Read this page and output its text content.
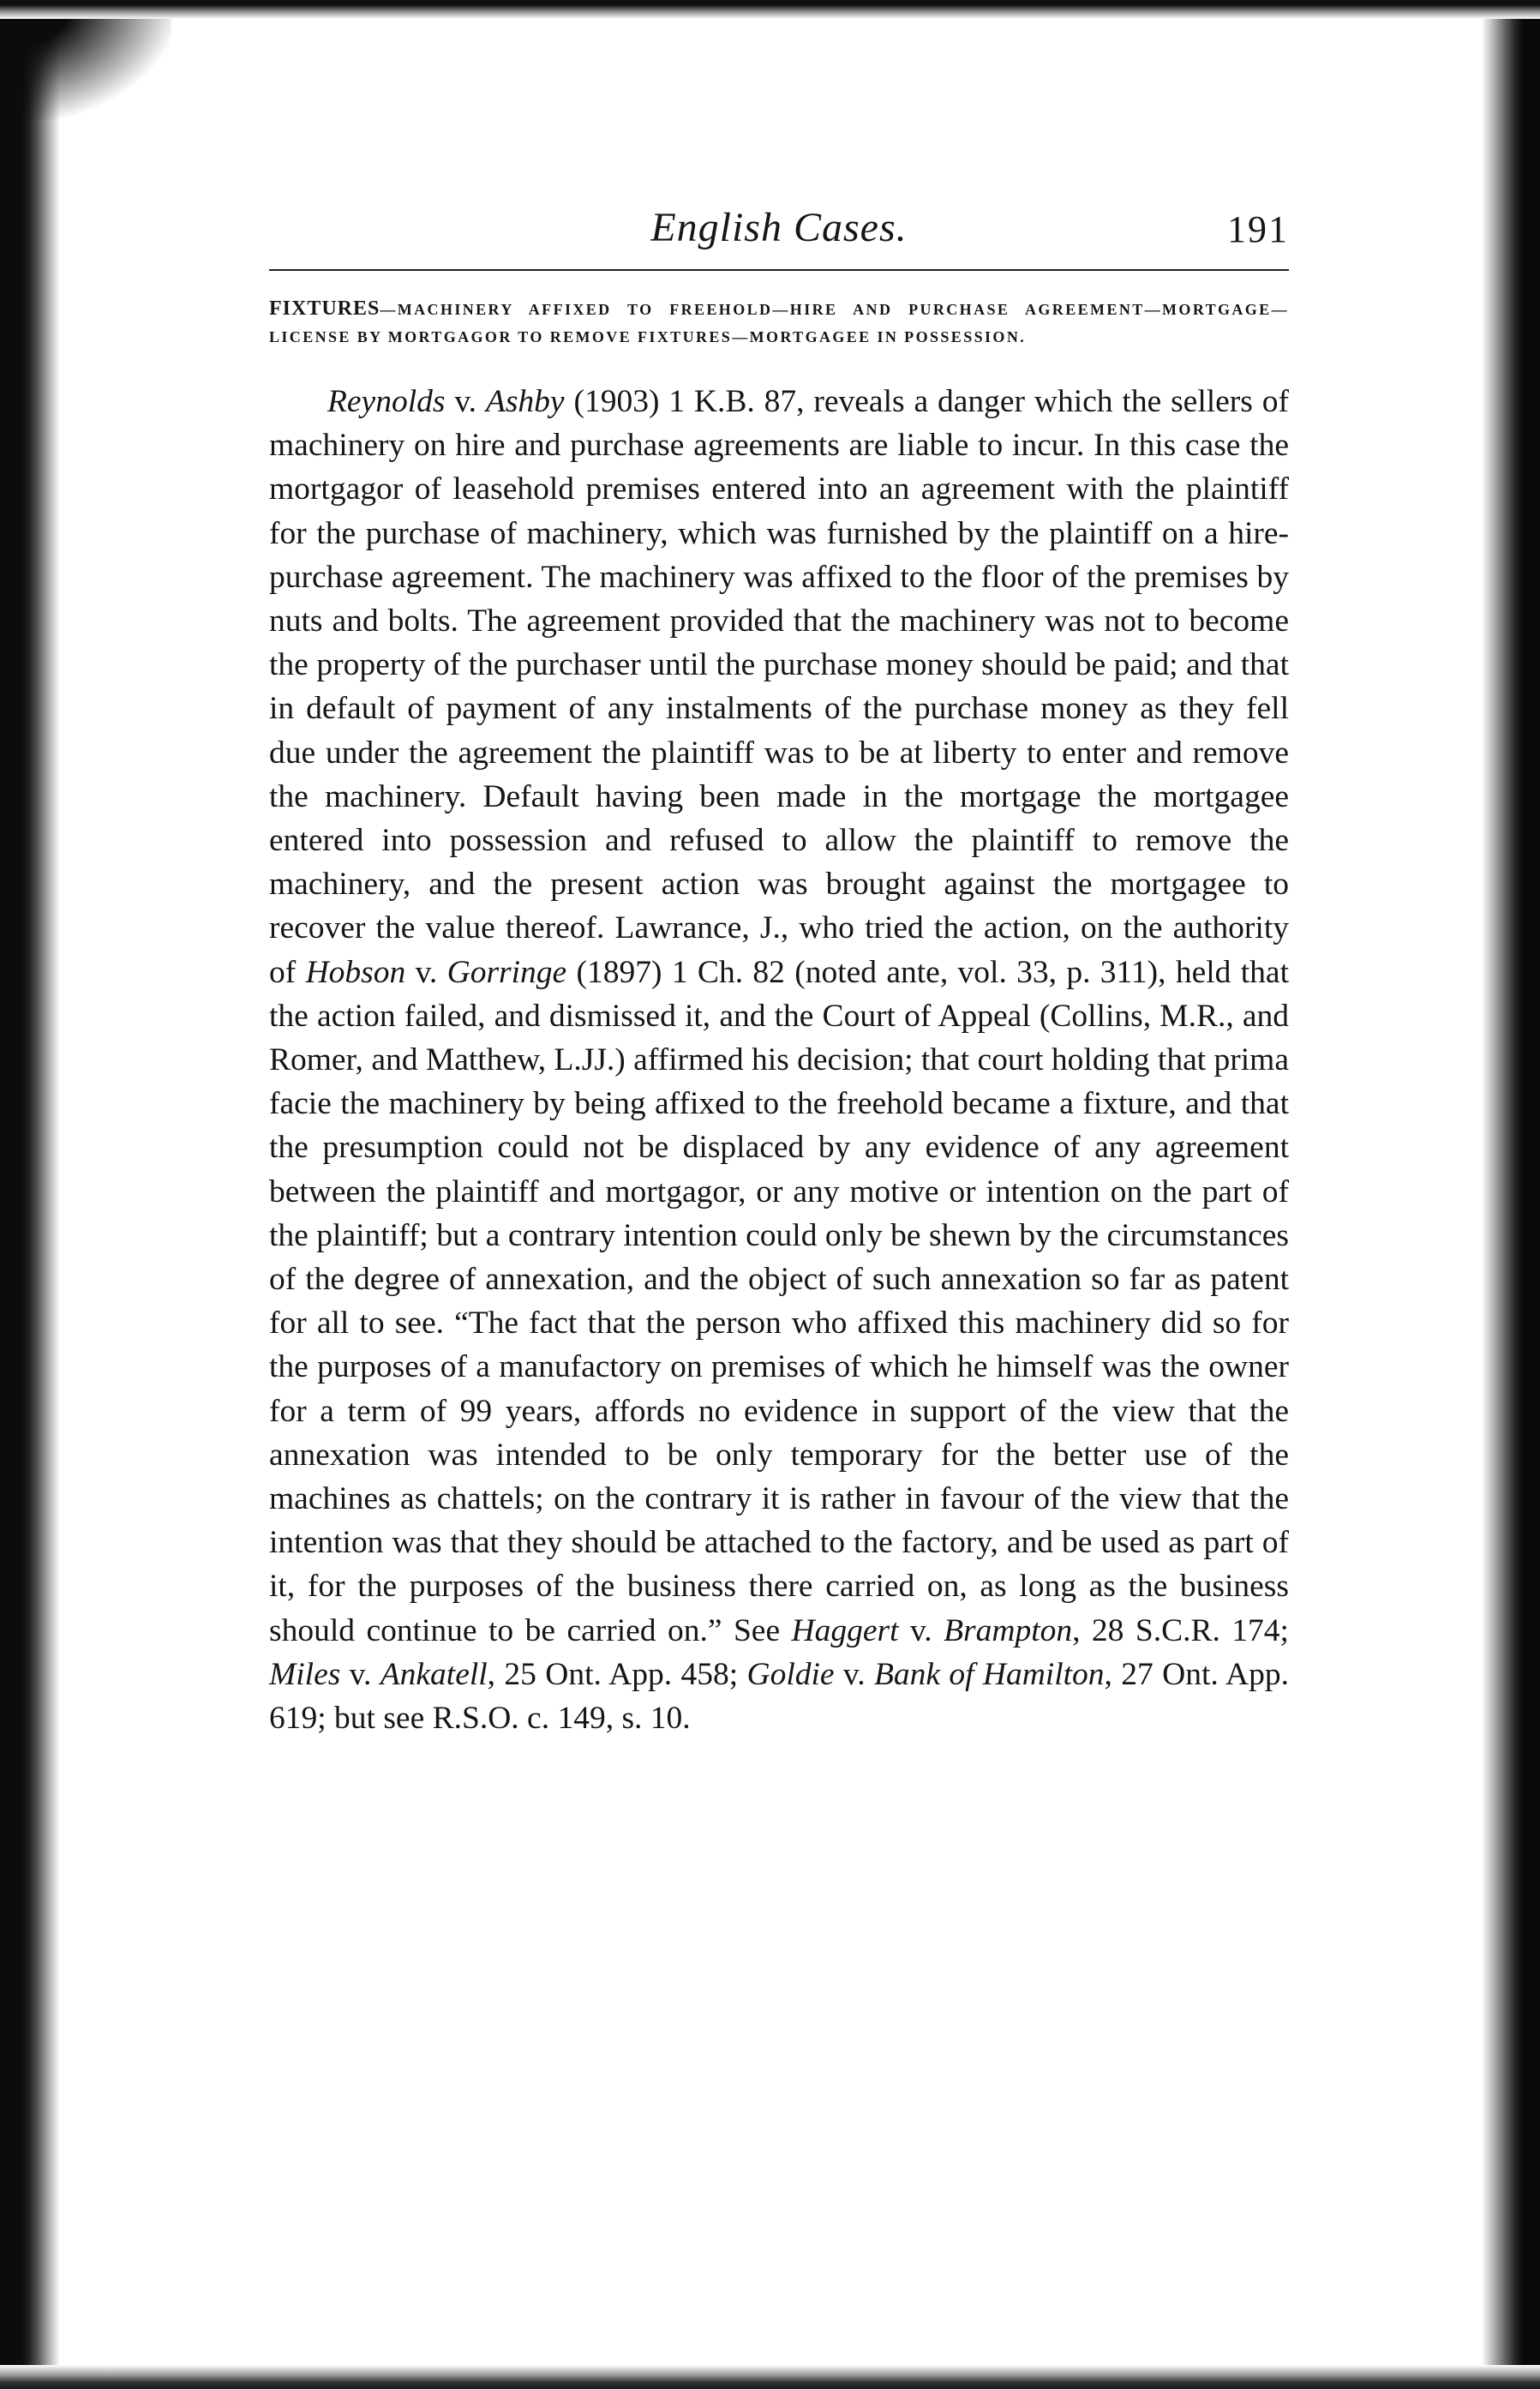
English Cases.	191
FIXTURES—MACHINERY AFFIXED TO FREEHOLD—HIRE AND PURCHASE AGREEMENT—MORTGAGE—LICENSE BY MORTGAGOR TO REMOVE FIXTURES—MORTGAGEE IN POSSESSION.
Reynolds v. Ashby (1903) 1 K.B. 87, reveals a danger which the sellers of machinery on hire and purchase agreements are liable to incur. In this case the mortgagor of leasehold premises entered into an agreement with the plaintiff for the purchase of machinery, which was furnished by the plaintiff on a hire-purchase agreement. The machinery was affixed to the floor of the premises by nuts and bolts. The agreement provided that the machinery was not to become the property of the purchaser until the purchase money should be paid; and that in default of payment of any instalments of the purchase money as they fell due under the agreement the plaintiff was to be at liberty to enter and remove the machinery. Default having been made in the mortgage the mortgagee entered into possession and refused to allow the plaintiff to remove the machinery, and the present action was brought against the mortgagee to recover the value thereof. Lawrance, J., who tried the action, on the authority of Hobson v. Gorringe (1897) 1 Ch. 82 (noted ante, vol. 33, p. 311), held that the action failed, and dismissed it, and the Court of Appeal (Collins, M.R., and Romer, and Matthew, L.JJ.) affirmed his decision; that court holding that prima facie the machinery by being affixed to the freehold became a fixture, and that the presumption could not be displaced by any evidence of any agreement between the plaintiff and mortgagor, or any motive or intention on the part of the plaintiff; but a contrary intention could only be shewn by the circumstances of the degree of annexation, and the object of such annexation so far as patent for all to see. “The fact that the person who affixed this machinery did so for the purposes of a manufactory on premises of which he himself was the owner for a term of 99 years, affords no evidence in support of the view that the annexation was intended to be only temporary for the better use of the machines as chattels; on the contrary it is rather in favour of the view that the intention was that they should be attached to the factory, and be used as part of it, for the purposes of the business there carried on, as long as the business should continue to be carried on.” See Haggert v. Brampton, 28 S.C.R. 174; Miles v. Ankatell, 25 Ont. App. 458; Goldie v. Bank of Hamilton, 27 Ont. App. 619; but see R.S.O. c. 149, s. 10.
